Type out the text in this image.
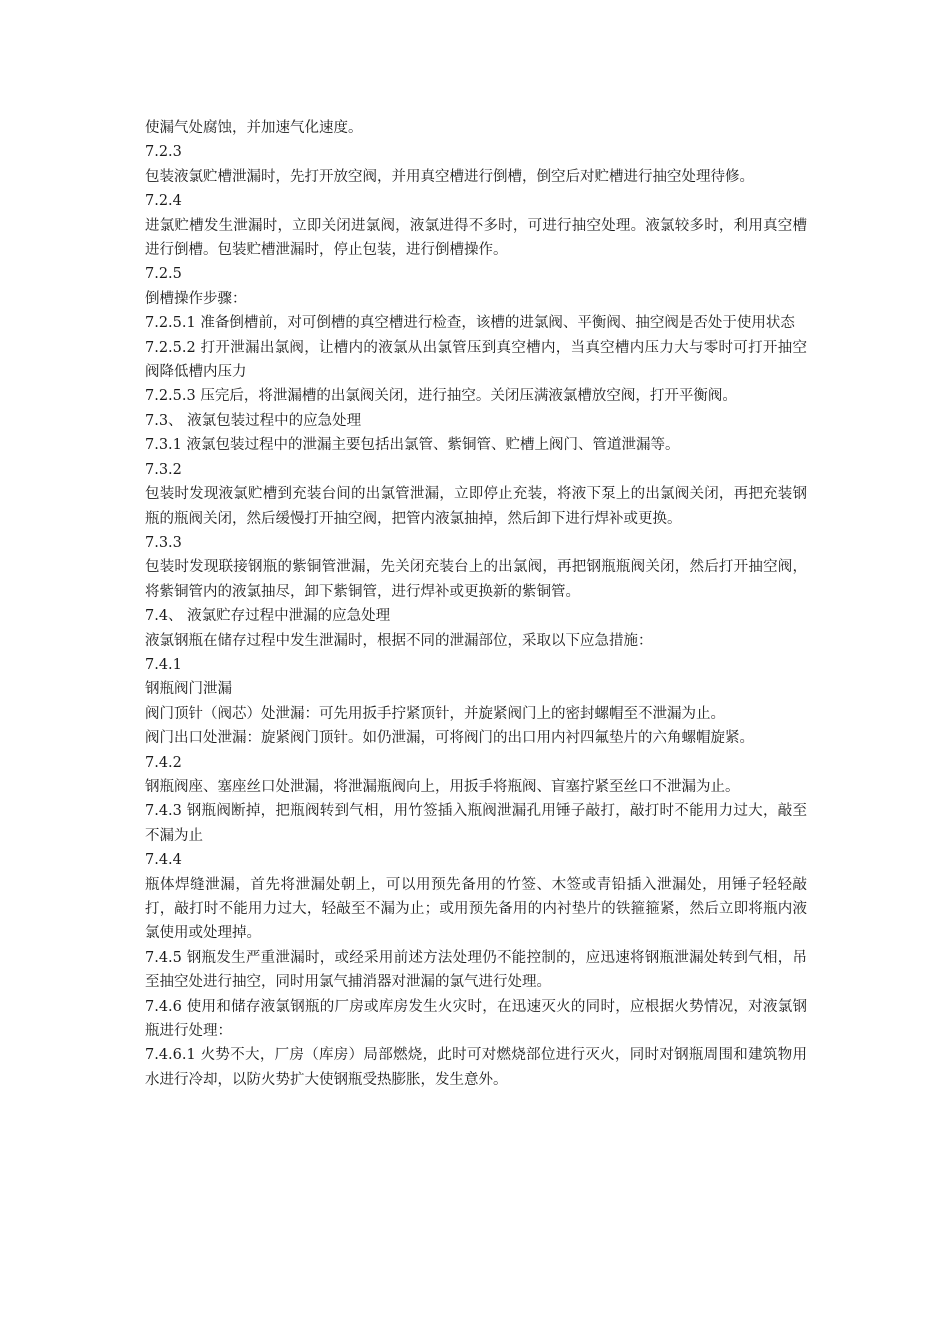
使漏气处腐蚀，并加速气化速度。

7.2.3

包装液氯贮槽泄漏时，先打开放空阀，并用真空槽进行倒槽，倒空后对贮槽进行抽空处理待修。

7.2.4

进氯贮槽发生泄漏时，立即关闭进氯阀，液氯进得不多时，可进行抽空处理。液氯较多时，利用真空槽进行倒槽。包装贮槽泄漏时，停止包装，进行倒槽操作。

7.2.5

倒槽操作步骤：

7.2.5.1 准备倒槽前，对可倒槽的真空槽进行检查，该槽的进氯阀、平衡阀、抽空阀是否处于使用状态

7.2.5.2 打开泄漏出氯阀，让槽内的液氯从出氯管压到真空槽内，当真空槽内压力大与零时可打开抽空阀降低槽内压力

7.2.5.3 压完后，将泄漏槽的出氯阀关闭，进行抽空。关闭压满液氯槽放空阀，打开平衡阀。

7.3、 液氯包装过程中的应急处理

7.3.1 液氯包装过程中的泄漏主要包括出氯管、紫铜管、贮槽上阀门、管道泄漏等。

7.3.2

包装时发现液氯贮槽到充装台间的出氯管泄漏，立即停止充装，将液下泵上的出氯阀关闭，再把充装钢瓶的瓶阀关闭，然后缓慢打开抽空阀，把管内液氯抽掉，然后卸下进行焊补或更换。

7.3.3

包装时发现联接钢瓶的紫铜管泄漏，先关闭充装台上的出氯阀，再把钢瓶瓶阀关闭，然后打开抽空阀，将紫铜管内的液氯抽尽，卸下紫铜管，进行焊补或更换新的紫铜管。

7.4、 液氯贮存过程中泄漏的应急处理

液氯钢瓶在储存过程中发生泄漏时，根据不同的泄漏部位，采取以下应急措施：

7.4.1

钢瓶阀门泄漏

阀门顶针（阀芯）处泄漏：可先用扳手拧紧顶针，并旋紧阀门上的密封螺帽至不泄漏为止。

阀门出口处泄漏：旋紧阀门顶针。如仍泄漏，可将阀门的出口用内衬四氟垫片的六角螺帽旋紧。

7.4.2

钢瓶阀座、塞座丝口处泄漏，将泄漏瓶阀向上，用扳手将瓶阀、盲塞拧紧至丝口不泄漏为止。

7.4.3 钢瓶阀断掉，把瓶阀转到气相，用竹签插入瓶阀泄漏孔用锤子敲打，敲打时不能用力过大，敲至不漏为止

7.4.4

瓶体焊缝泄漏，首先将泄漏处朝上，可以用预先备用的竹签、木签或青铅插入泄漏处，用锤子轻轻敲打，敲打时不能用力过大，轻敲至不漏为止；或用预先备用的内衬垫片的铁箍箍紧，然后立即将瓶内液氯使用或处理掉。

7.4.5 钢瓶发生严重泄漏时，或经采用前述方法处理仍不能控制的，应迅速将钢瓶泄漏处转到气相，吊至抽空处进行抽空，同时用氯气捕消器对泄漏的氯气进行处理。

7.4.6 使用和储存液氯钢瓶的厂房或库房发生火灾时，在迅速灭火的同时，应根据火势情况，对液氯钢瓶进行处理：

7.4.6.1 火势不大，厂房（库房）局部燃烧，此时可对燃烧部位进行灭火，同时对钢瓶周围和建筑物用水进行冷却，以防火势扩大使钢瓶受热膨胀，发生意外。
